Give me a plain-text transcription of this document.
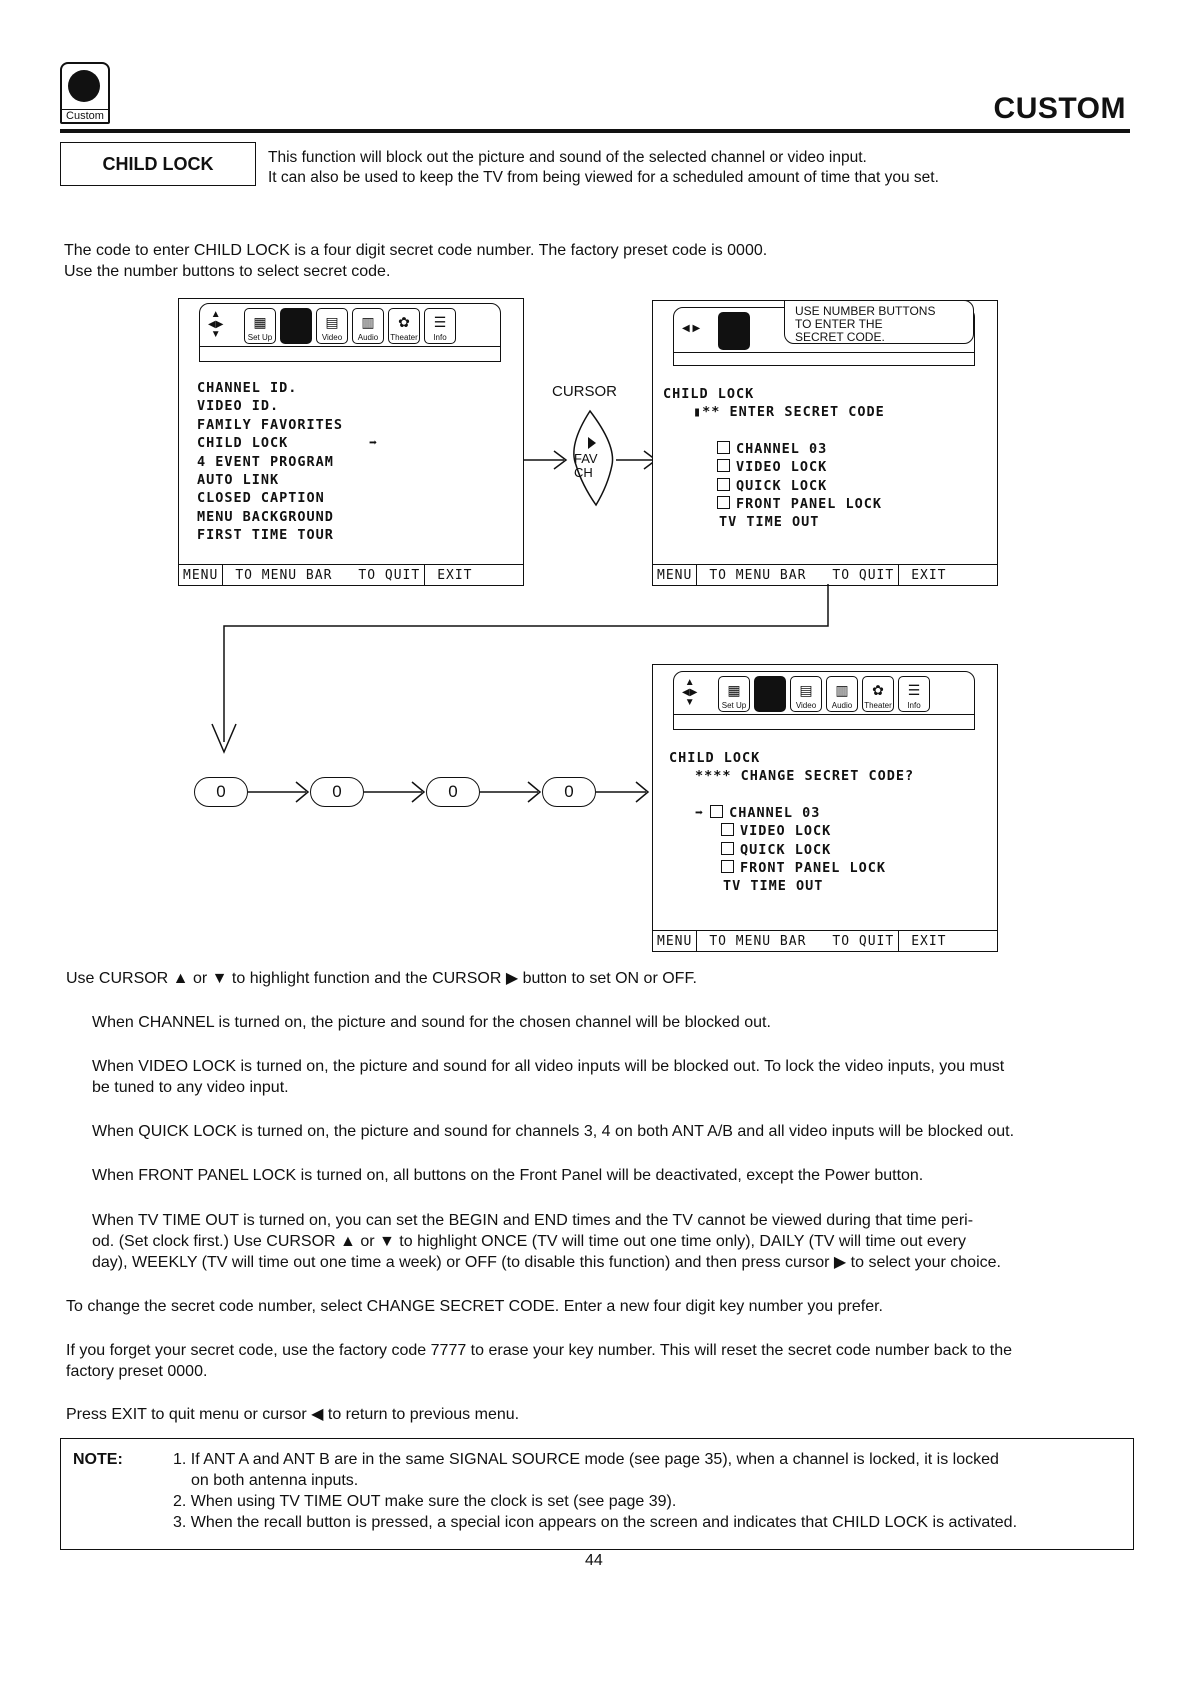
Custom	CUSTOM
CHILD LOCK	This function will block out the picture and sound of the selected channel or video input.
It can also be used to keep the TV from being viewed for a scheduled amount of time that you set.
The code to enter CHILD LOCK is a four digit secret code number. The factory preset code is 0000.
Use the number buttons to select secret code.
▲
◀▶
▼
▦
Set Up
▤
Video
▥
Audio
✿
Theater
☰
Info
CHANNEL ID.
VIDEO ID.
FAMILY FAVORITES
CHILD LOCK	➡
4 EVENT PROGRAM
AUTO LINK
CLOSED CAPTION
MENU BACKGROUND
FIRST TIME TOUR
MENU	TO MENU BAR	TO QUIT	EXIT
CURSOR
FAV
CH
◀ ▶
USE NUMBER BUTTONS
TO ENTER THE
SECRET CODE.
CHILD LOCK
▮** ENTER SECRET CODE
CHANNEL 03
VIDEO LOCK
QUICK LOCK
FRONT PANEL LOCK
TV TIME OUT
MENU	TO MENU BAR	TO QUIT	EXIT
0	0	0	0
▲
◀▶
▼
▦
Set Up
▤
Video
▥
Audio
✿
Theater
☰
Info
CHILD LOCK
**** CHANGE SECRET CODE?
➡ CHANNEL 03
VIDEO LOCK
QUICK LOCK
FRONT PANEL LOCK
TV TIME OUT
MENU	TO MENU BAR	TO QUIT	EXIT
Use CURSOR ▲ or ▼ to highlight function and the CURSOR ▶ button to set ON or OFF.
When CHANNEL is turned on, the picture and sound for the chosen channel will be blocked out.
When VIDEO LOCK is turned on, the picture and sound for all video inputs will be blocked out. To lock the video inputs, you must
be tuned to any video input.
When QUICK LOCK is turned on, the picture and sound for channels 3, 4 on both ANT A/B and all video inputs will be blocked out.
When FRONT PANEL LOCK is turned on, all buttons on the Front Panel will be deactivated, except the Power button.
When TV TIME OUT is turned on, you can set the BEGIN and END times and the TV cannot be viewed during that time peri-
od. (Set clock first.) Use CURSOR ▲ or ▼ to highlight ONCE (TV will time out one time only), DAILY (TV will time out every
day), WEEKLY (TV will time out one time a week) or OFF (to disable this function) and then press cursor ▶ to select your choice.
To change the secret code number, select CHANGE SECRET CODE. Enter a new four digit key number you prefer.
If you forget your secret code, use the factory code 7777 to erase your key number. This will reset the secret code number back to the
factory preset 0000.
Press EXIT to quit menu or cursor ◀ to return to previous menu.
NOTE:	1. If ANT A and ANT B are in the same SIGNAL SOURCE mode (see page 35), when a channel is locked, it is locked
on both antenna inputs.
2. When using TV TIME OUT make sure the clock is set (see page 39).
3. When the recall button is pressed, a special icon appears on the screen and indicates that CHILD LOCK is activated.
44
